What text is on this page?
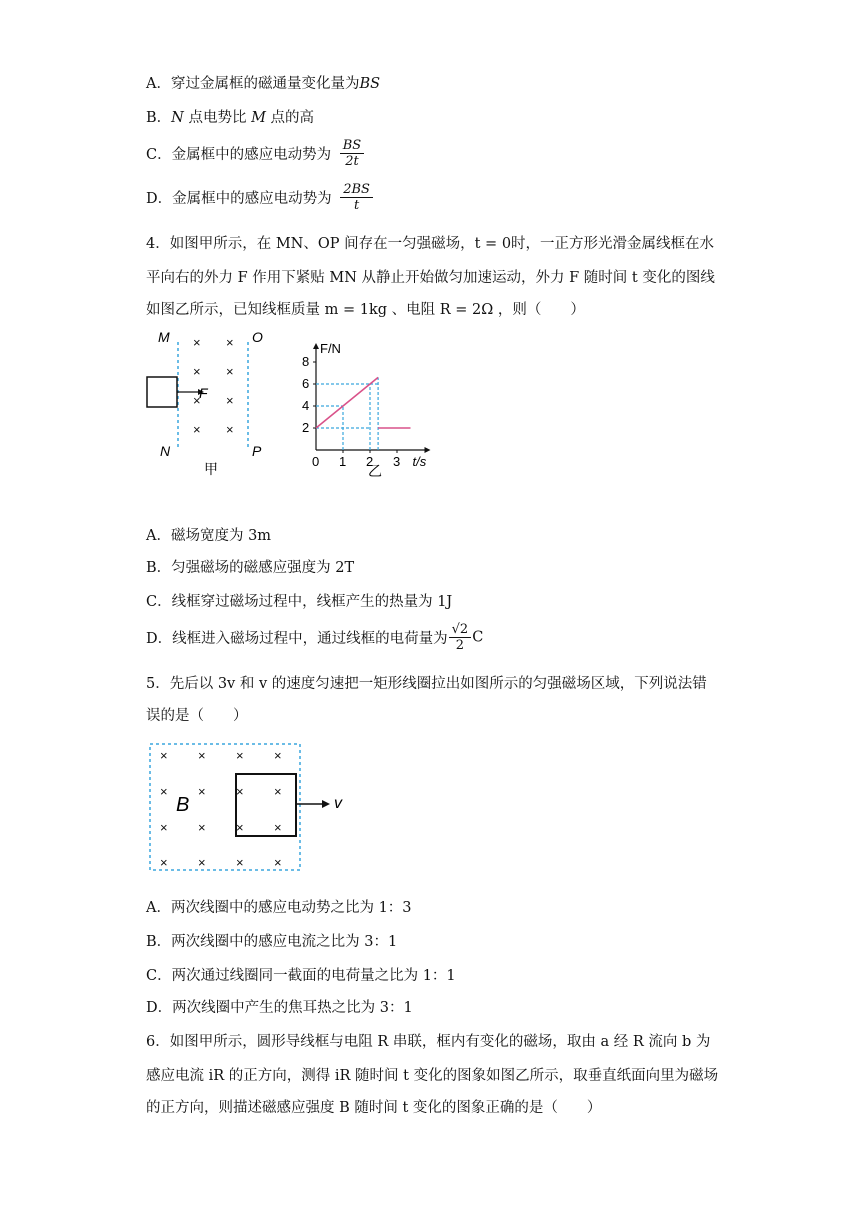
A．穿过金属框的磁通量变化量为BS
B．N 点电势比 M 点的高
C．金属框中的感应电动势为 $\frac{BS}{2t}$
D．金属框中的感应电动势为 $\frac{2BS}{t}$
4．如图甲所示，在 MN、OP 间存在一匀强磁场，t = 0时，一正方形光滑金属线框在水
平向右的外力 F 作用下紧贴 MN 从静止开始做匀加速运动，外力 F 随时间 t 变化的图线
如图乙所示，已知线框质量 m = 1kg 、电阻 R = 2Ω ，则（　　）
M
N
O
P
F
× ×
× ×
× ×
× ×
甲
F/N
t/s
0
2
4
6
8
1 2 3
乙
A．磁场宽度为 3m
B．匀强磁场的磁感应强度为 2T
C．线框穿过磁场过程中，线框产生的热量为 1J
D．线框进入磁场过程中，通过线框的电荷量为 $\frac{√2}{2}$ C
5．先后以 3v 和 v 的速度匀速把一矩形线圈拉出如图所示的匀强磁场区域，下列说法错
误的是（　　）
v
B
× × × ×
× × × ×
× × × ×
× × × ×
A．两次线圈中的感应电动势之比为 1：3
B．两次线圈中的感应电流之比为 3：1
C．两次通过线圈同一截面的电荷量之比为 1：1
D．两次线圈中产生的焦耳热之比为 3：1
6．如图甲所示，圆形导线框与电阻 R 串联，框内有变化的磁场，取由 a 经 R 流向 b 为
感应电流 iR 的正方向，测得 iR 随时间 t 变化的图象如图乙所示，取垂直纸面向里为磁场
的正方向，则描述磁感应强度 B 随时间 t 变化的图象正确的是（　　）
